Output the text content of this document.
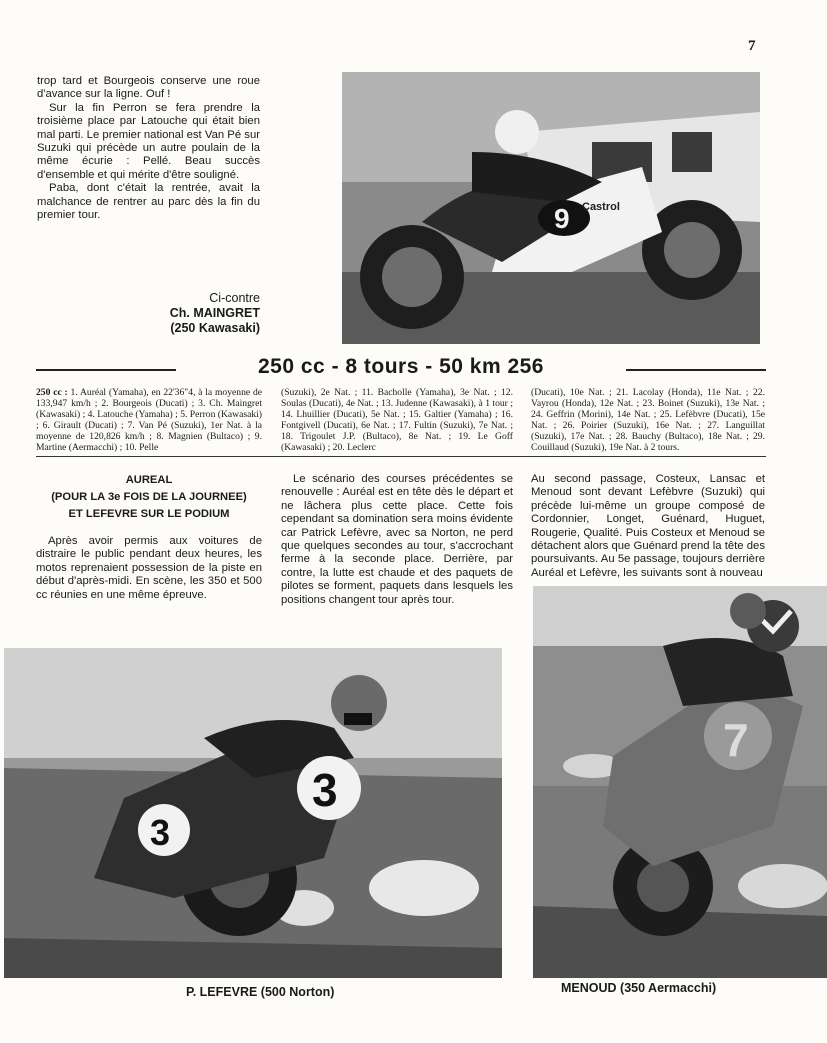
7

trop tard et Bourgeois conserve une roue d'avance sur la ligne. Ouf !

Sur la fin Perron se fera prendre la troisième place par Latouche qui était bien mal parti. Le premier national est Van Pé sur Suzuki qui précède un autre poulain de la même écurie : Pellé. Beau succès d'ensemble et qui mérite d'être souligné.

Paba, dont c'était la rentrée, avait la malchance de rentrer au parc dès la fin du premier tour.

Ci-contre
Ch. MAINGRET
(250 Kawasaki)
9 Castrol
250 cc - 8 tours - 50 km 256
250 cc : 1. Auréal (Yamaha), en 22'36"4, à la moyenne de 133,947 km/h ; 2. Bourgeois (Ducati) ; 3. Ch. Maingret (Kawasaki) ; 4. Latouche (Yamaha) ; 5. Perron (Kawasaki) ; 6. Girault (Ducati) ; 7. Van Pé (Suzuki), 1er Nat. à la moyenne de 120,826 km/h ; 8. Magnien (Bultaco) ; 9. Martine (Aermacchi) ; 10. Pelle
(Suzuki), 2e Nat. ; 11. Bacholle (Yamaha), 3e Nat. ; 12. Soulas (Ducati), 4e Nat. ; 13. Judenne (Kawasaki), à 1 tour ; 14. Lhuillier (Ducati), 5e Nat. ; 15. Galtier (Yamaha) ; 16. Fontgivell (Ducati), 6e Nat. ; 17. Fultin (Suzuki), 7e Nat. ; 18. Trigoulet J.P. (Bultaco), 8e Nat. ; 19. Le Goff (Kawasaki) ; 20. Leclerc
(Ducati), 10e Nat. ; 21. Lacolay (Honda), 11e Nat. ; 22. Vayrou (Honda), 12e Nat. ; 23. Boinet (Suzuki), 13e Nat. ; 24. Geffrin (Morini), 14e Nat. ; 25. Lefèbvre (Ducati), 15e Nat. ; 26. Poirier (Suzuki), 16e Nat. ; 27. Languillat (Suzuki), 17e Nat. ; 28. Bauchy (Bultaco), 18e Nat. ; 29. Couillaud (Suzuki), 19e Nat. à 2 tours.
AUREAL
(POUR LA 3e FOIS DE LA JOURNEE)
ET LEFEVRE SUR LE PODIUM

Après avoir permis aux voitures de distraire le public pendant deux heures, les motos reprenaient possession de la piste en début d'après-midi. En scène, les 350 et 500 cc réunies en une même épreuve.

Le scénario des courses précédentes se renouvelle : Auréal est en tête dès le départ et ne lâchera plus cette place. Cette fois cependant sa domination sera moins évidente car Patrick Lefèvre, avec sa Norton, ne perd que quelques secondes au tour, s'accrochant ferme à la seconde place. Derrière, par contre, la lutte est chaude et des paquets de pilotes se forment, paquets dans lesquels les positions changent tour après tour.

Au second passage, Costeux, Lansac et Menoud sont devant Lefèbvre (Suzuki) qui précède lui-même un groupe composé de Cordonnier, Longet, Guénard, Huguet, Rougerie, Qualité. Puis Costeux et Menoud se détachent alors que Guénard prend la tête des poursuivants. Au 5e passage, toujours derrière Auréal et Lefèvre, les suivants sont à nouveau

3
3
7
P. LEFEVRE (500 Norton)	MENOUD (350 Aermacchi)
